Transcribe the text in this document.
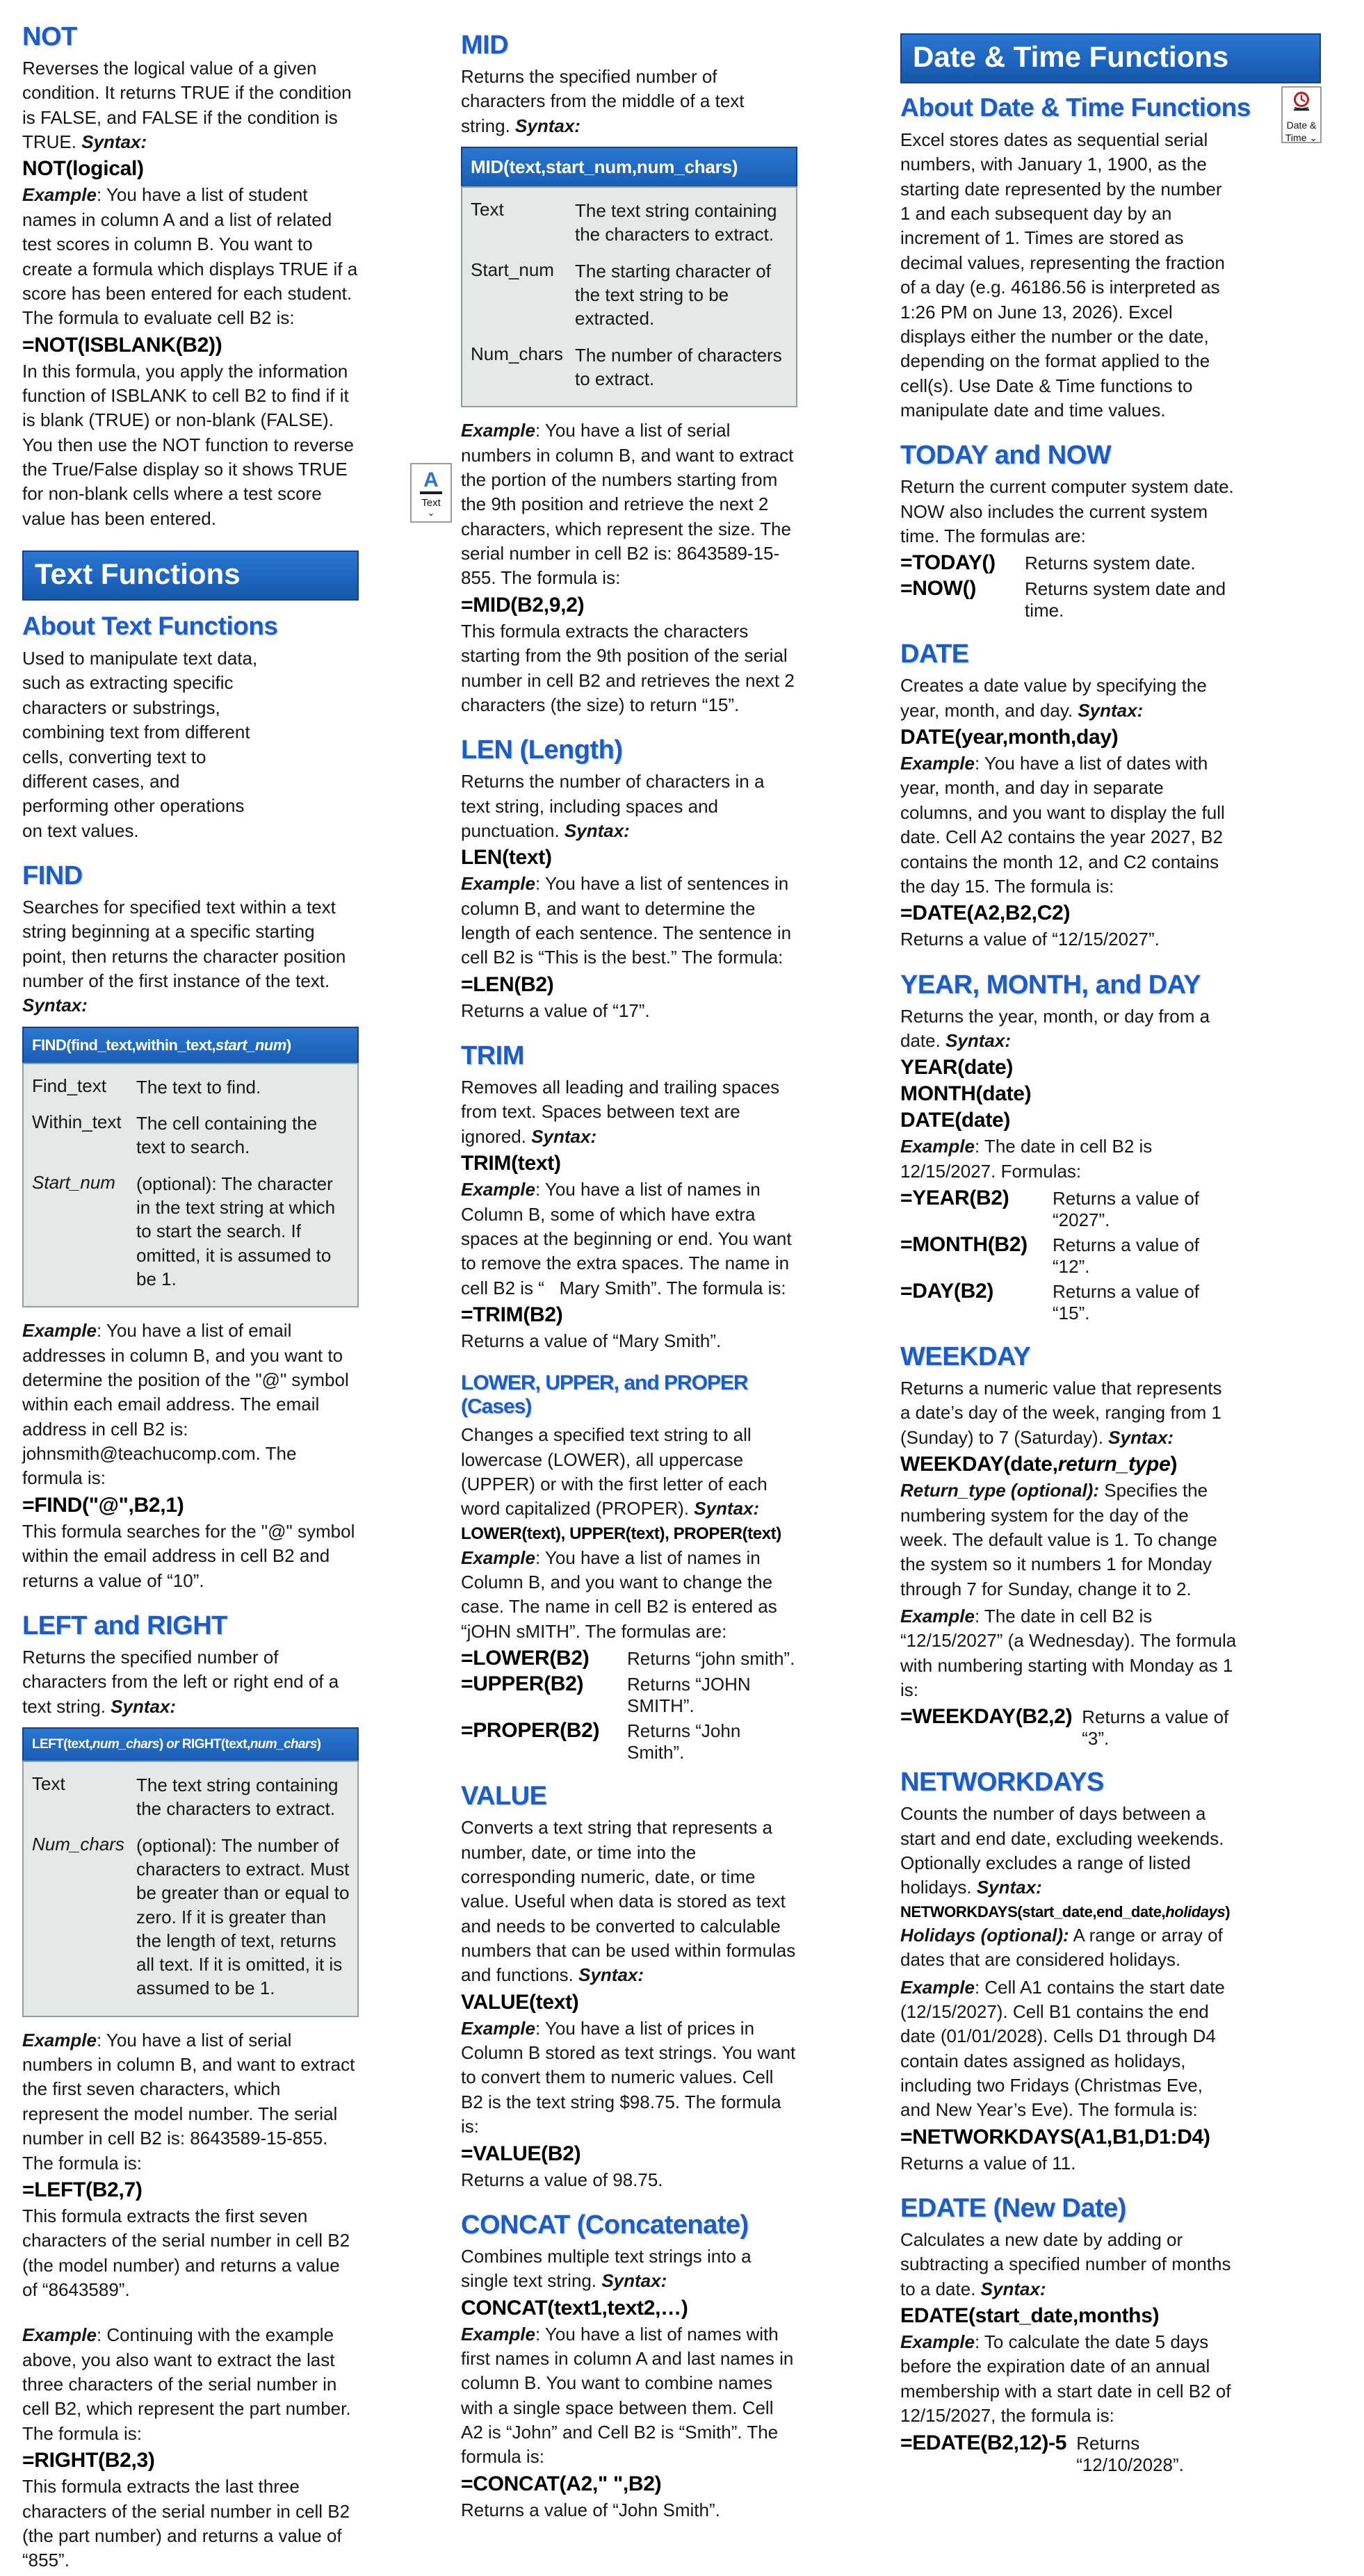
NOT

Reverses the logical value of a given condition. It returns TRUE if the condition is FALSE, and FALSE if the condition is TRUE. Syntax:

NOT(logical)

Example: You have a list of student names in column A and a list of related test scores in column B. You want to create a formula which displays TRUE if a score has been entered for each student. The formula to evaluate cell B2 is:

=NOT(ISBLANK(B2))

In this formula, you apply the information function of ISBLANK to cell B2 to find if it is blank (TRUE) or non-blank (FALSE). You then use the NOT function to reverse the True/False display so it shows TRUE for non-blank cells where a test score value has been entered.

Text Functions
About Text Functions

Used to manipulate text data, such as extracting specific characters or substrings, combining text from different cells, converting text to different cases, and performing other operations on text values.

FIND

Searches for specified text within a text string beginning at a specific starting point, then returns the character position number of the first instance of the text. Syntax:

FIND(find_text,within_text,start_num)
Find_text	The text to find.
Within_text The cell containing the text to search.
Start_num	(optional): The character in the text string at which to start the search. If omitted, it is assumed to be 1.

Example: You have a list of email addresses in column B, and you want to determine the position of the "@" symbol within each email address. The email address in cell B2 is: johnsmith@teachucomp.com. The formula is:

=FIND("@",B2,1)

This formula searches for the "@" symbol within the email address in cell B2 and returns a value of “10”.

LEFT and RIGHT

Returns the specified number of characters from the left or right end of a text string. Syntax:

LEFT(text,num_chars) or RIGHT(text,num_chars)
Text	The text string containing the characters to extract.
Num_chars (optional): The number of characters to extract. Must be greater than or equal to zero. If it is greater than the length of text, returns all text. If it is omitted, it is assumed to be 1.

Example: You have a list of serial numbers in column B, and want to extract the first seven characters, which represent the model number. The serial number in cell B2 is: 8643589-15-855. The formula is:

=LEFT(B2,7)

This formula extracts the first seven characters of the serial number in cell B2 (the model number) and returns a value of “8643589”.

Example: Continuing with the example above, you also want to extract the last three characters of the serial number in cell B2, which represent the part number. The formula is:

=RIGHT(B2,3)

This formula extracts the last three characters of the serial number in cell B2 (the part number) and returns a value of “855”.

MID

Returns the specified number of characters from the middle of a text string. Syntax:

MID(text,start_num,num_chars)
Text	The text string containing the characters to extract.
Start_num	The starting character of the text string to be extracted.
Num_chars The number of characters to extract.

Example: You have a list of serial numbers in column B, and want to extract the portion of the numbers starting from the 9th position and retrieve the next 2 characters, which represent the size. The serial number in cell B2 is: 8643589-15-855. The formula is:

=MID(B2,9,2)

This formula extracts the characters starting from the 9th position of the serial number in cell B2 and retrieves the next 2 characters (the size) to return “15”.

LEN (Length)

Returns the number of characters in a text string, including spaces and punctuation. Syntax:

LEN(text)

Example: You have a list of sentences in column B, and want to determine the length of each sentence. The sentence in cell B2 is “This is the best.” The formula:

=LEN(B2)

Returns a value of “17”.

TRIM

Removes all leading and trailing spaces from text. Spaces between text are ignored. Syntax:

TRIM(text)

Example: You have a list of names in Column B, some of which have extra spaces at the beginning or end. You want to remove the extra spaces. The name in cell B2 is “   Mary Smith”. The formula is:

=TRIM(B2)

Returns a value of “Mary Smith”.

LOWER, UPPER, and PROPER (Cases)

Changes a specified text string to all lowercase (LOWER), all uppercase (UPPER) or with the first letter of each word capitalized (PROPER). Syntax:

LOWER(text), UPPER(text), PROPER(text)

Example: You have a list of names in Column B, and you want to change the case. The name in cell B2 is entered as “jOHN sMITH”. The formulas are:

=LOWER(B2)	Returns “john smith”.
=UPPER(B2)	Returns “JOHN SMITH”.
=PROPER(B2)	Returns “John Smith”.
VALUE

Converts a text string that represents a number, date, or time into the corresponding numeric, date, or time value. Useful when data is stored as text and needs to be converted to calculable numbers that can be used within formulas and functions. Syntax:

VALUE(text)

Example: You have a list of prices in Column B stored as text strings. You want to convert them to numeric values. Cell B2 is the text string $98.75. The formula is:

=VALUE(B2)

Returns a value of 98.75.

CONCAT (Concatenate)

Combines multiple text strings into a single text string. Syntax:

CONCAT(text1,text2,…)

Example: You have a list of names with first names in column A and last names in column B. You want to combine names with a single space between them. Cell A2 is “John” and Cell B2 is “Smith”. The formula is:

=CONCAT(A2," ",B2)

Returns a value of “John Smith”.

Date & Time Functions
About Date & Time Functions

Excel stores dates as sequential serial numbers, with January 1, 1900, as the starting date represented by the number 1 and each subsequent day by an increment of 1. Times are stored as decimal values, representing the fraction of a day (e.g. 46186.56 is interpreted as 1:26 PM on June 13, 2026). Excel displays either the number or the date, depending on the format applied to the cell(s). Use Date & Time functions to manipulate date and time values.

TODAY and NOW

Return the current computer system date. NOW also includes the current system time. The formulas are:

=TODAY()	Returns system date.
=NOW()	Returns system date and time.
DATE

Creates a date value by specifying the year, month, and day. Syntax:

DATE(year,month,day)

Example: You have a list of dates with year, month, and day in separate columns, and you want to display the full date. Cell A2 contains the year 2027, B2 contains the month 12, and C2 contains the day 15. The formula is:

=DATE(A2,B2,C2)

Returns a value of “12/15/2027”.

YEAR, MONTH, and DAY

Returns the year, month, or day from a date. Syntax:

YEAR(date)
MONTH(date)
DATE(date)

Example: The date in cell B2 is 12/15/2027. Formulas:

=YEAR(B2)	Returns a value of “2027”.
=MONTH(B2)	Returns a value of “12”.
=DAY(B2)	Returns a value of “15”.
WEEKDAY

Returns a numeric value that represents a date’s day of the week, ranging from 1 (Sunday) to 7 (Saturday). Syntax:

WEEKDAY(date,return_type)

Return_type (optional): Specifies the numbering system for the day of the week. The default value is 1. To change the system so it numbers 1 for Monday through 7 for Sunday, change it to 2.

Example: The date in cell B2 is “12/15/2027” (a Wednesday). The formula with numbering starting with Monday as 1 is:

=WEEKDAY(B2,2) Returns a value of “3”.
NETWORKDAYS

Counts the number of days between a start and end date, excluding weekends. Optionally excludes a range of listed holidays. Syntax:

NETWORKDAYS(start_date,end_date,holidays)

Holidays (optional): A range or array of dates that are considered holidays.

Example: Cell A1 contains the start date (12/15/2027). Cell B1 contains the end date (01/01/2028). Cells D1 through D4 contain dates assigned as holidays, including two Fridays (Christmas Eve, and New Year’s Eve). The formula is:

=NETWORKDAYS(A1,B1,D1:D4)

Returns a value of 11.

EDATE (New Date)

Calculates a new date by adding or subtracting a specified number of months to a date. Syntax:

EDATE(start_date,months)

Example: To calculate the date 5 days before the expiration date of an annual membership with a start date in cell B2 of 12/15/2027, the formula is:

=EDATE(B2,12)-5 Returns “12/10/2028”.
A
Text
⌄
Date &
Time ⌄
